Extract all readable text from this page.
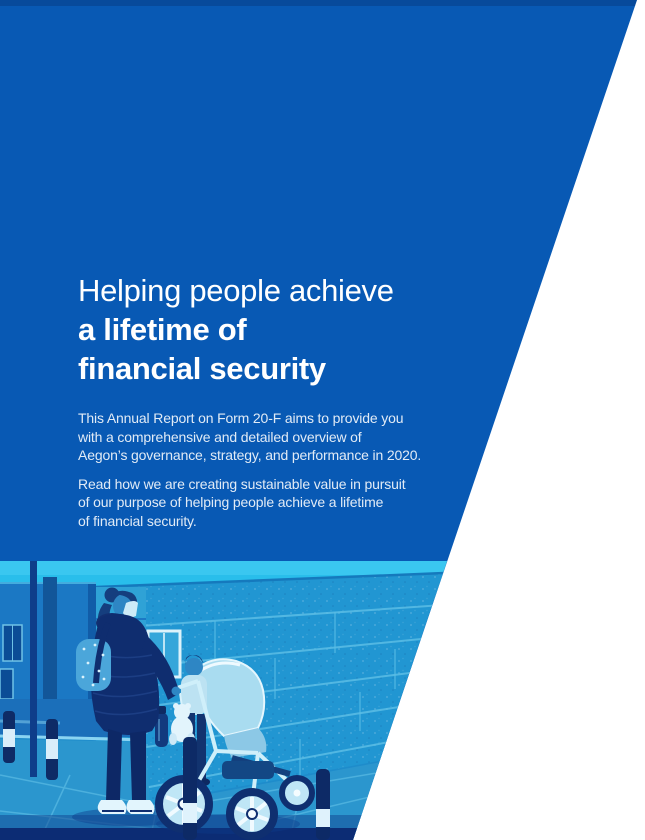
Helping people achieve
a lifetime of
financial security

This Annual Report on Form 20-F aims to provide you
with a comprehensive and detailed overview of
Aegon’s governance, strategy, and performance in 2020.

Read how we are creating sustainable value in pursuit
of our purpose of helping people achieve a lifetime
of financial security.
